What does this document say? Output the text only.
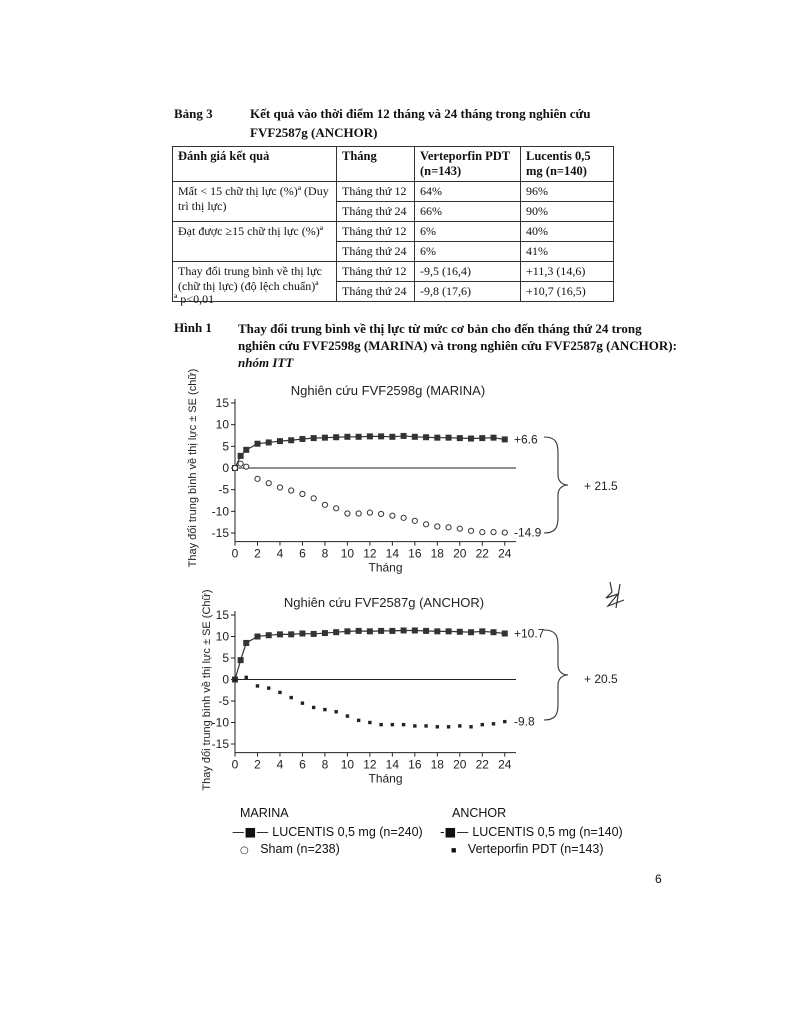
Bảng 3	Kết quả vào thời điểm 12 tháng và 24 tháng trong nghiên cứu
FVF2587g (ANCHOR)
Đánh giá kết quả	Tháng	Verteporfin PDT (n=143)	Lucentis 0,5 mg (n=140)
Mất < 15 chữ thị lực (%)ª (Duy trì thị lực)	Tháng thứ 12	64%	96%
	Tháng thứ 24	66%	90%
Đạt được ≥15 chữ thị lực (%)ª	Tháng thứ 12	6%	40%
	Tháng thứ 24	6%	41%
Thay đổi trung bình về thị lực (chữ thị lực) (độ lệch chuẩn)ª	Tháng thứ 12	-9,5 (16,4)	+11,3 (14,6)
	Tháng thứ 24	-9,8 (17,6)	+10,7 (16,5)
ª p<0,01
Hình 1 Thay đổi trung bình về thị lực từ mức cơ bản cho đến tháng thứ 24 trong
nghiên cứu FVF2598g (MARINA) và trong nghiên cứu FVF2587g (ANCHOR):
nhóm ITT
Nghiên cứu FVF2598g (MARINA)
15
10
5
0
-5
-10
-15
0 2 4 6 8 10 12 14 16 18 20 22 24
Tháng
Thay đổi trung bình về thị lực ± SE (chữ)	+6.6
-14.9
+ 21.5
Nghiên cứu FVF2587g (ANCHOR)
15
10
5
0
-5
-10
-15
0 2 4 6 8 10 12 14 16 18 20 22 24
Tháng
Thay đổi trung bình về thị lực ± SE (Chữ)	+10.7
-9.8
+ 20.5
MARINA
—■— LUCENTIS 0,5 mg (n=240)
○ Sham (n=238)
ANCHOR
-■— LUCENTIS 0,5 mg (n=140)
■ Verteporfin PDT (n=143)
6
